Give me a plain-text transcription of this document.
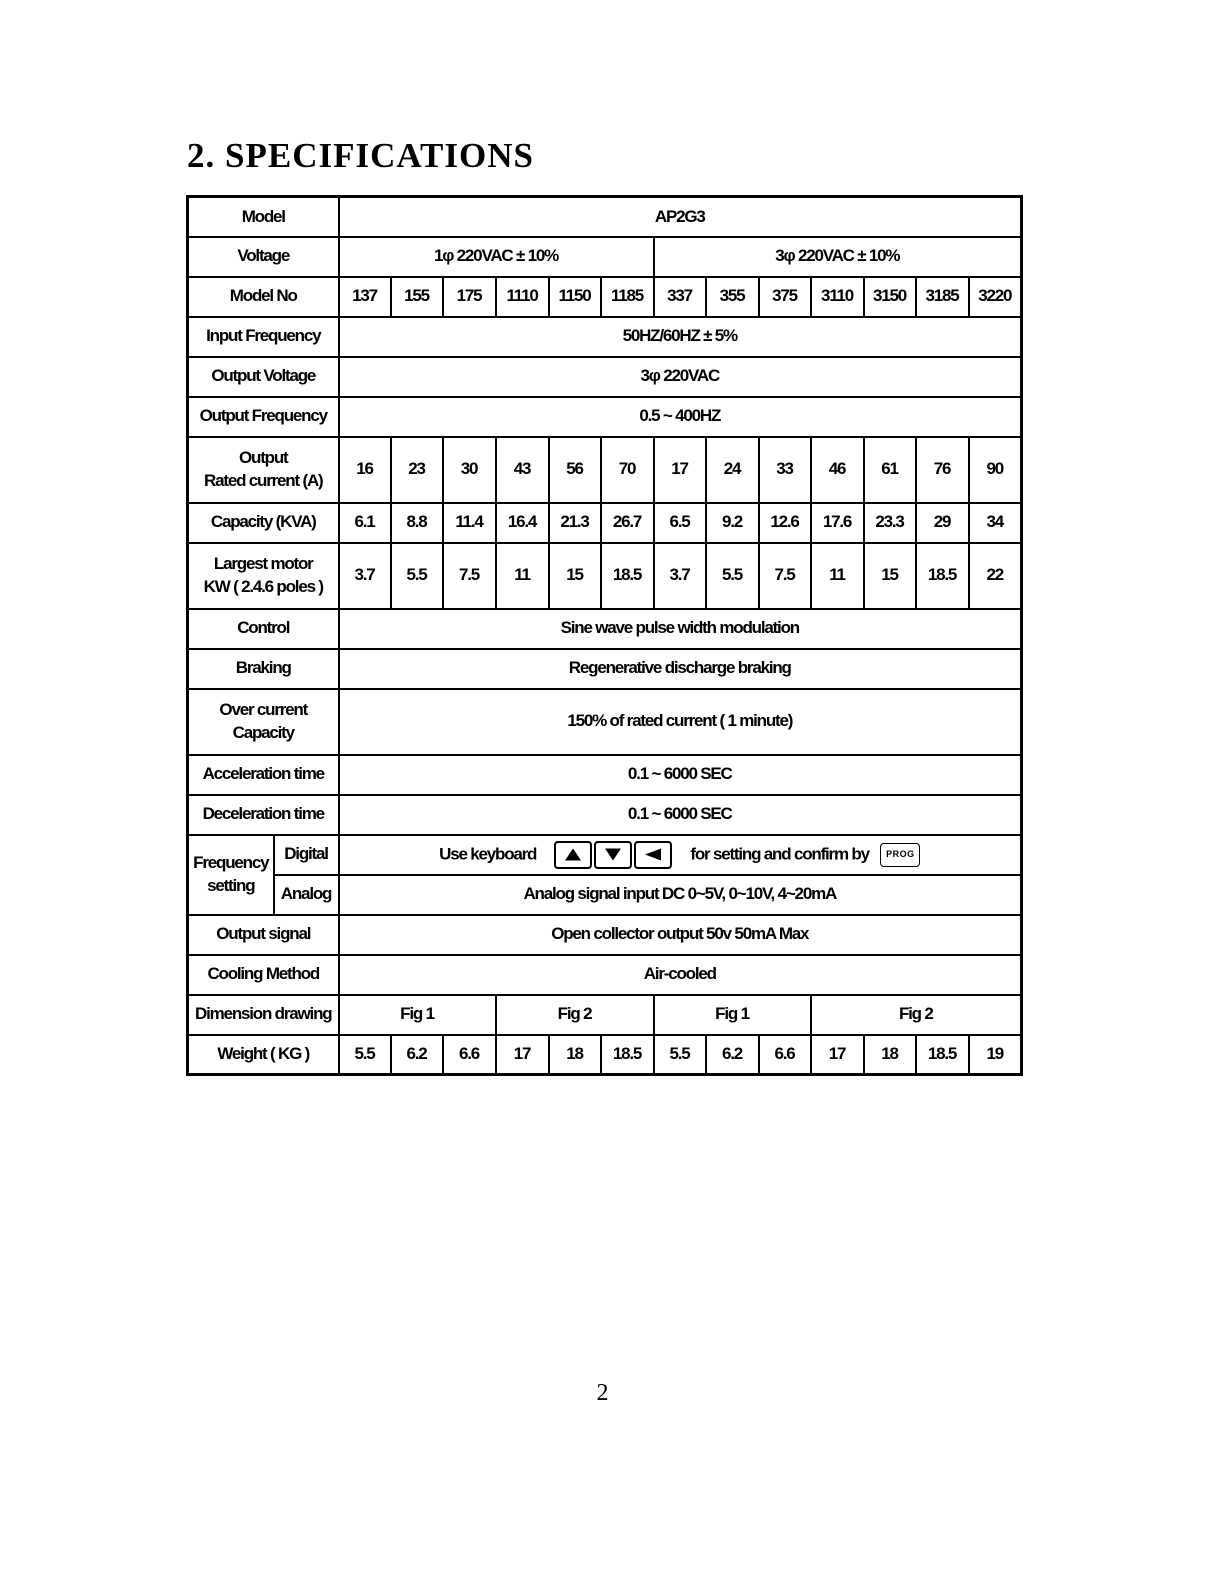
2. SPECIFICATIONS
Model		AP2G3												
Voltage		1φ 220VAC ± 10%						3φ 220VAC ± 10%						
Model No		137	155	175	1110	1150	1185	337	355	375	3110	3150	3185	3220
Input Frequency		50HZ/60HZ ± 5%												
Output Voltage		3φ 220VAC												
Output Frequency		0.5 ~ 400HZ												
Output
Rated current (A)		16	23	30	43	56	70	17	24	33	46	61	76	90
Capacity (KVA)		6.1	8.8	11.4	16.4	21.3	26.7	6.5	9.2	12.6	17.6	23.3	29	34
Largest motor
KW ( 2.4.6 poles )		3.7	5.5	7.5	11	15	18.5	3.7	5.5	7.5	11	15	18.5	22
Control		Sine wave pulse width modulation												
Braking		Regenerative discharge braking												
Over current
Capacity		150% of rated current ( 1 minute)												
Acceleration time		0.1 ~ 6000 SEC												
Deceleration time		0.1 ~ 6000 SEC												
Frequency
setting	Digital	Use keyboard for setting and confirm by PROG												
	Analog	Analog signal input DC 0~5V, 0~10V, 4~20mA												
Output signal		Open collector output 50v 50mA Max												
Cooling Method		Air-cooled												
Dimension drawing		Fig 1			Fig 2			Fig 1			Fig 2			
Weight ( KG )		5.5	6.2	6.6	17	18	18.5	5.5	6.2	6.6	17	18	18.5	19
2
